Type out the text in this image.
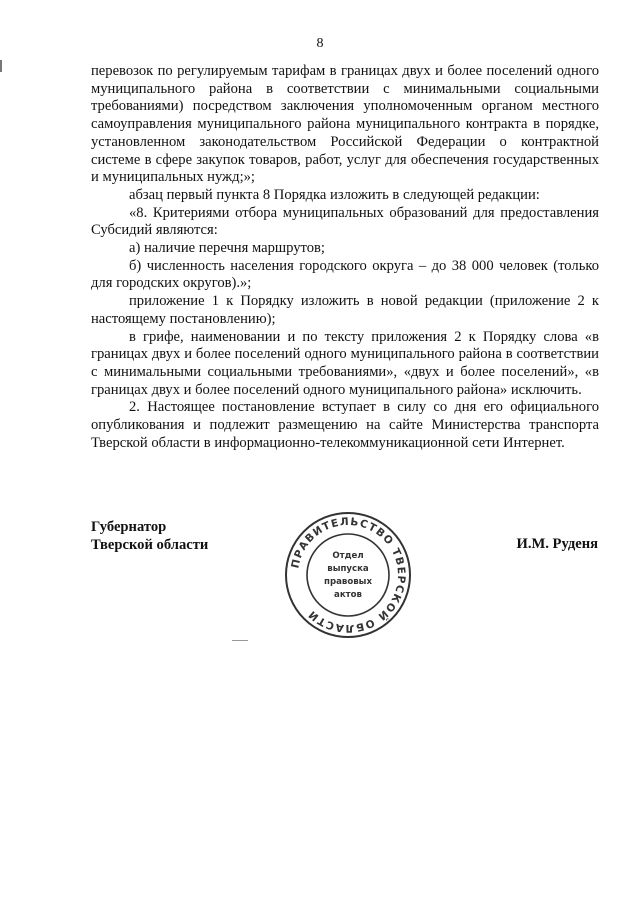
8

перевозок по регулируемым тарифам в границах двух и более поселений одного муниципального района в соответствии с минимальными социальными требованиями) посредством заключения уполномоченным органом местного самоуправления муниципального района муниципального контракта в порядке, установленном законодательством Российской Федерации о контрактной системе в сфере закупок товаров, работ, услуг для обеспечения государственных и муниципальных нужд;»;

абзац первый пункта 8 Порядка изложить в следующей редакции:

«8. Критериями отбора муниципальных образований для предоставления Субсидий являются:

а) наличие перечня маршрутов;

б) численность населения городского округа – до 38 000 человек (только для городских округов).»;

приложение 1 к Порядку изложить в новой редакции (приложение 2 к настоящему постановлению);

в грифе, наименовании и по тексту приложения 2 к Порядку слова «в границах двух и более поселений одного муниципального района в соответствии с минимальными социальными требованиями», «двух и более поселений», «в границах двух и более поселений одного муниципального района» исключить.

2. Настоящее постановление вступает в силу со дня его официального опубликования и подлежит размещению на сайте Министерства транспорта Тверской области в информационно-телекоммуникационной сети Интернет.

Губернатор
Тверской области	И.М. Руденя
ПРАВИТЕЛЬСТВО ТВЕРСКОЙ ОБЛАСТИ
Отдел
выпуска
правовых
актов
